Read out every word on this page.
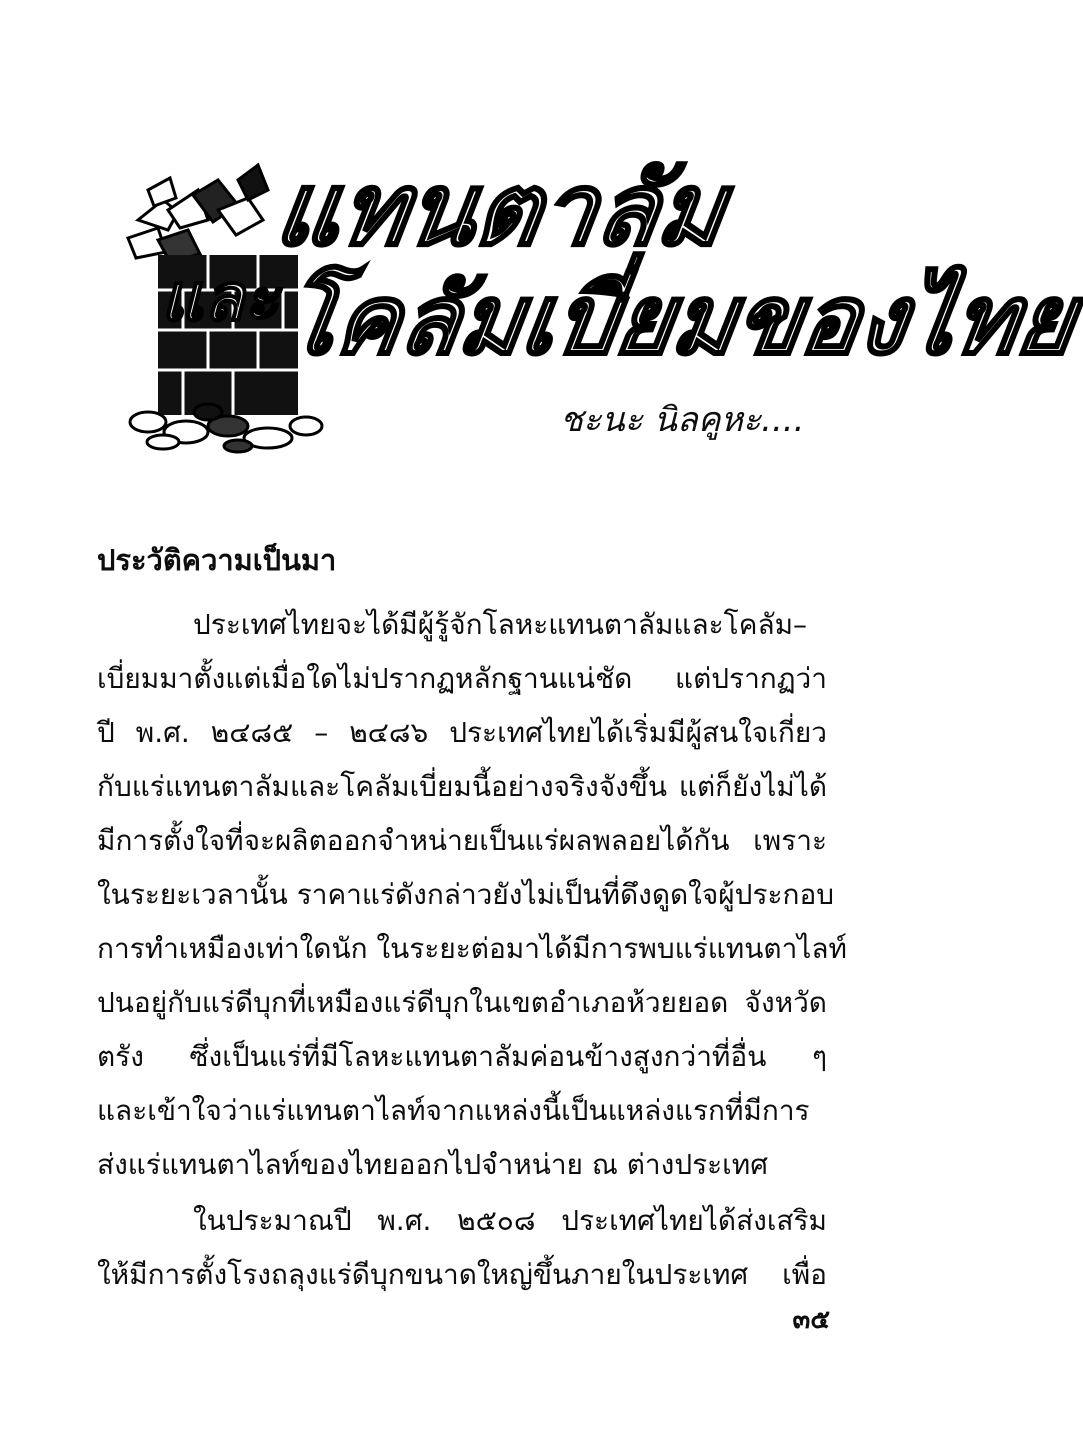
แทนตาลัม
โคลัมเบี่ยมของไทย
และ
ชะนะ นิลคูหะ....
ประวัติความเป็นมา
ประเทศไทยจะได้มีผู้รู้จักโลหะแทนตาลัมและโคลัม–
เบี่ยมมาตั้งแต่เมื่อใดไม่ปรากฏหลักฐานแน่ชัด แต่ปรากฏว่า
ปี พ.ศ. ๒๔๘๕ – ๒๔๘๖ ประเทศไทยได้เริ่มมีผู้สนใจเกี่ยว
กับแร่แทนตาลัมและโคลัมเบี่ยมนี้อย่างจริงจังขึ้น แต่ก็ยังไม่ได้
มีการตั้งใจที่จะผลิตออกจำหน่ายเป็นแร่ผลพลอยได้กัน เพราะ
ในระยะเวลานั้น ราคาแร่ดังกล่าวยังไม่เป็นที่ดึงดูดใจผู้ประกอบ
การทำเหมืองเท่าใดนัก ในระยะต่อมาได้มีการพบแร่แทนตาไลท์
ปนอยู่กับแร่ดีบุกที่เหมืองแร่ดีบุกในเขตอำเภอห้วยยอด จังหวัด
ตรัง ซึ่งเป็นแร่ที่มีโลหะแทนตาลัมค่อนข้างสูงกว่าที่อื่น ๆ
และเข้าใจว่าแร่แทนตาไลท์จากแหล่งนี้เป็นแหล่งแรกที่มีการ
ส่งแร่แทนตาไลท์ของไทยออกไปจำหน่าย ณ ต่างประเทศ
ในประมาณปี พ.ศ. ๒๕๐๘ ประเทศไทยได้ส่งเสริม
ให้มีการตั้งโรงถลุงแร่ดีบุกขนาดใหญ่ขึ้นภายในประเทศ เพื่อ
๓๕
